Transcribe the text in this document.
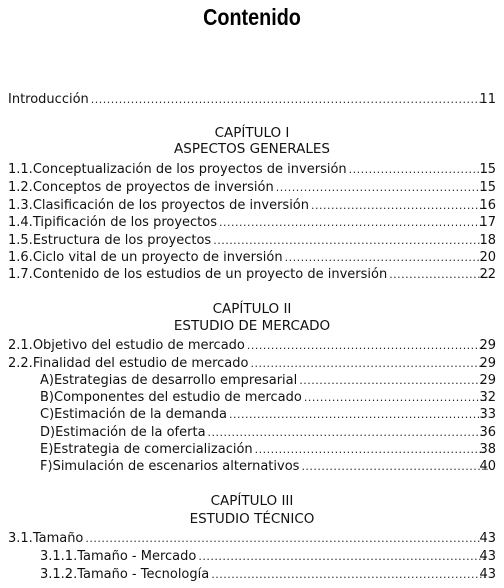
Contenido
Introducción .....	11
CAPÍTULO I
ASPECTOS GENERALES
1.1. Conceptualización de los proyectos de inversión .....	15
1.2. Conceptos de proyectos de inversión .....	15
1.3. Clasificación de los proyectos de inversión .....	16
1.4. Tipificación de los proyectos .....	17
1.5. Estructura de los proyectos .....	18
1.6. Ciclo vital de un proyecto de inversión .....	20
1.7. Contenido de los estudios de un proyecto de inversión .....	22
CAPÍTULO II
ESTUDIO DE MERCADO
2.1. Objetivo del estudio de mercado .....	29
2.2. Finalidad del estudio de mercado .....	29
A) Estrategias de desarrollo empresarial .....	29
B) Componentes del estudio de mercado .....	32
C) Estimación de la demanda .....	33
D) Estimación de la oferta .....	36
E) Estrategia de comercialización .....	38
F) Simulación de escenarios alternativos .....	40
CAPÍTULO III
ESTUDIO TÉCNICO
3.1. Tamaño .....	43
3.1.1. Tamaño - Mercado .....	43
3.1.2. Tamaño - Tecnología .....	43
